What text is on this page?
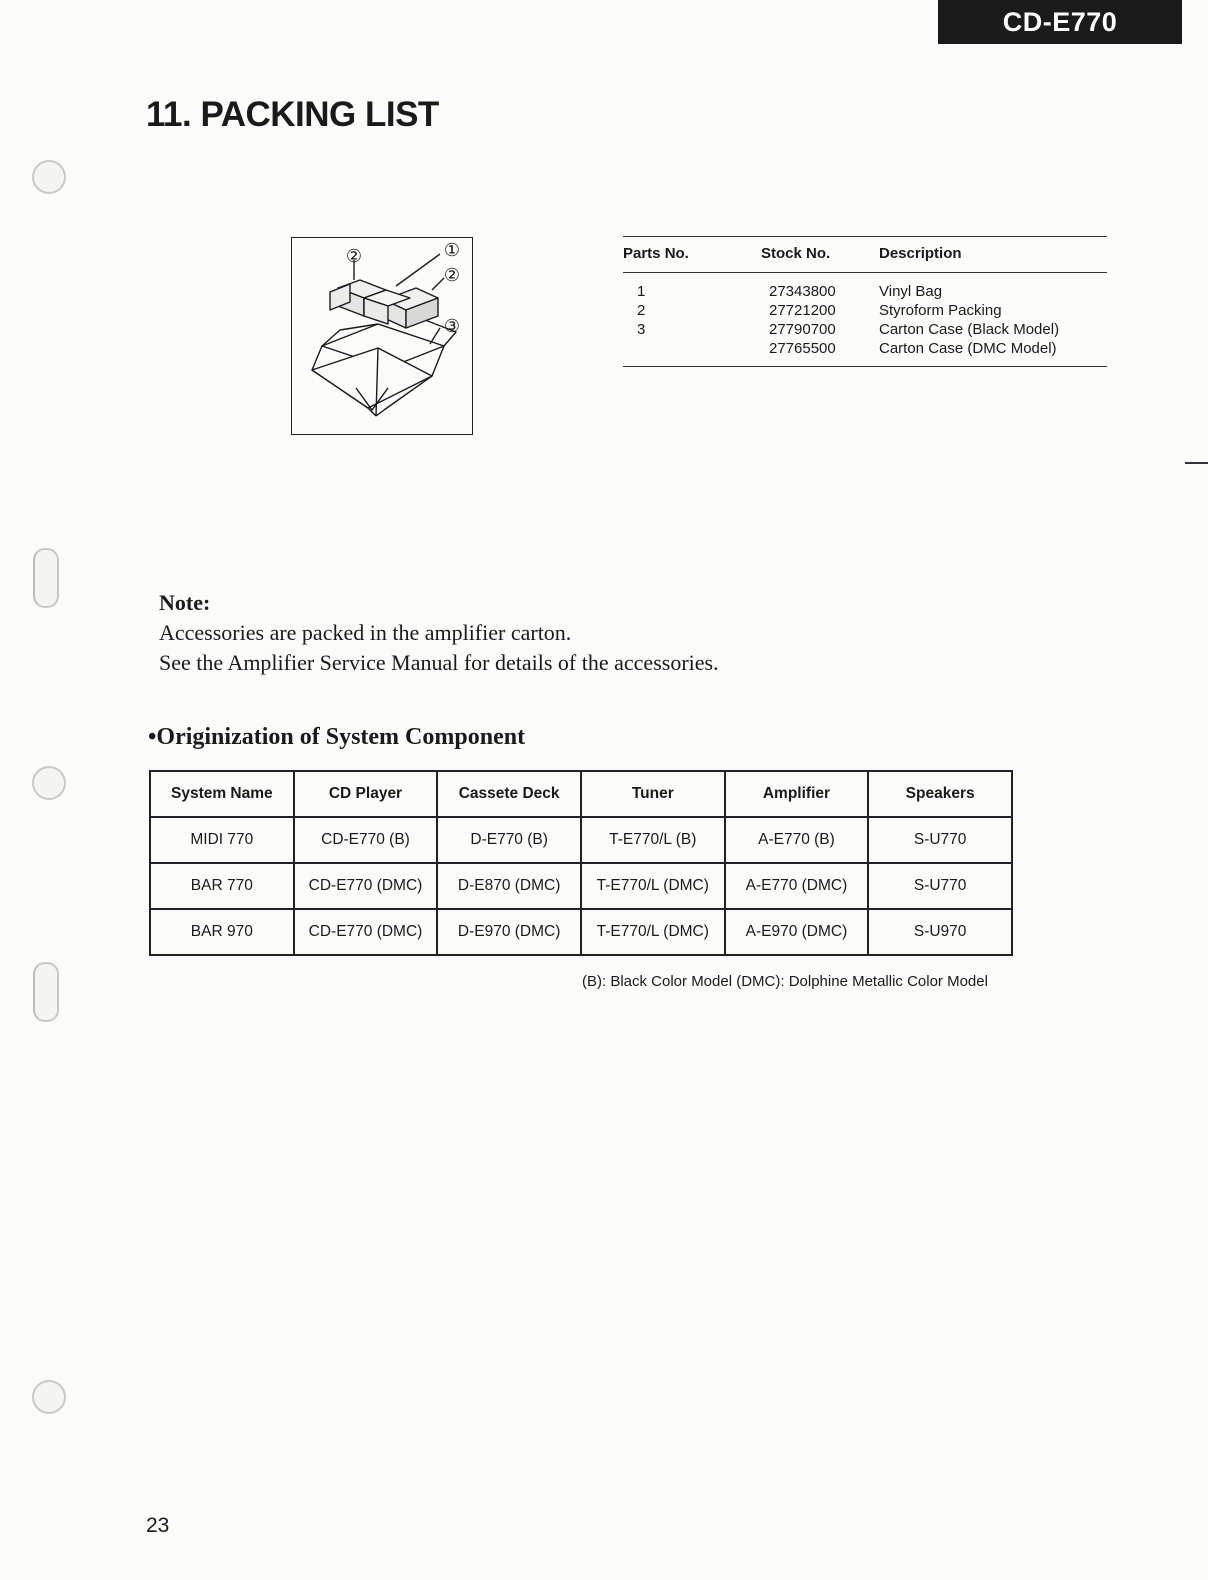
CD-E770
11. PACKING LIST
②	①
②
③
Parts No.	Stock No.	Description
1	27343800	Vinyl Bag
2	27721200	Styroform Packing
3	27790700	Carton Case (Black Model)
	27765500	Carton Case (DMC Model)
Note:
Accessories are packed in the amplifier carton.
See the Amplifier Service Manual for details of the accessories.
•Originization of System Component
System Name	CD Player	Cassete Deck	Tuner	Amplifier	Speakers
MIDI 770	CD-E770 (B)	D-E770 (B)	T-E770/L (B)	A-E770 (B)	S-U770
BAR 770	CD-E770 (DMC)	D-E870 (DMC)	T-E770/L (DMC)	A-E770 (DMC)	S-U770
BAR 970	CD-E770 (DMC)	D-E970 (DMC)	T-E770/L (DMC)	A-E970 (DMC)	S-U970
(B): Black Color Model (DMC): Dolphine Metallic Color Model
23
